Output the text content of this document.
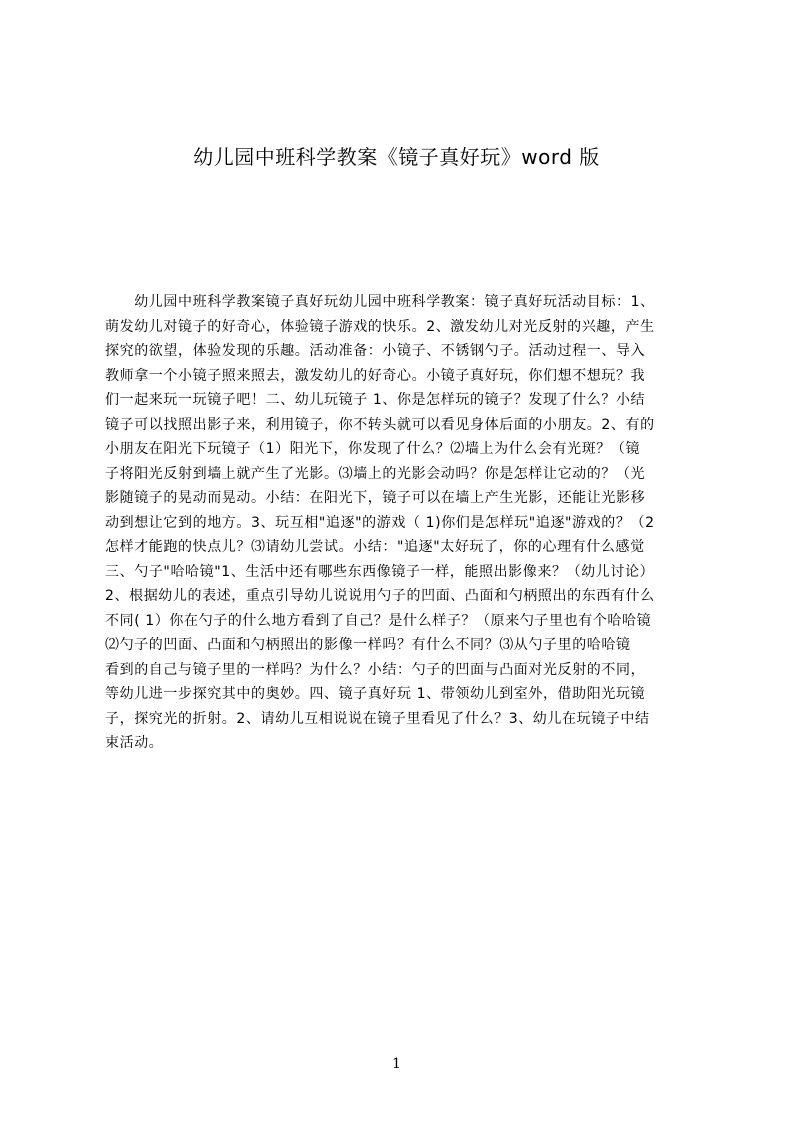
幼儿园中班科学教案《镜子真好玩》word 版
　　幼儿园中班科学教案镜子真好玩幼儿园中班科学教案：镜子真好玩活动目标：1、
萌发幼儿对镜子的好奇心，体验镜子游戏的快乐。2、激发幼儿对光反射的兴趣，产生
探究的欲望，体验发现的乐趣。活动准备：小镜子、不锈钢勺子。活动过程一、导入
教师拿一个小镜子照来照去，激发幼儿的好奇心。小镜子真好玩，你们想不想玩？我
们一起来玩一玩镜子吧！二、幼儿玩镜子 1、你是怎样玩的镜子？发现了什么？小结
镜子可以找照出影子来，利用镜子，你不转头就可以看见身体后面的小朋友。2、有的
小朋友在阳光下玩镜子（1）阳光下，你发现了什么？⑵墙上为什么会有光斑？（镜
子将阳光反射到墙上就产生了光影。⑶墙上的光影会动吗？你是怎样让它动的？（光
影随镜子的晃动而晃动。小结：在阳光下，镜子可以在墙上产生光影，还能让光影移
动到想让它到的地方。3、玩互相"追逐"的游戏（ 1)你们是怎样玩"追逐"游戏的？（2
怎样才能跑的快点儿？⑶请幼儿尝试。小结："追逐"太好玩了，你的心理有什么感觉
三、勺子"哈哈镜"1、生活中还有哪些东西像镜子一样，能照出影像来？（幼儿讨论）
2、根据幼儿的表述，重点引导幼儿说说用勺子的凹面、凸面和勺柄照出的东西有什么
不同( 1）你在勺子的什么地方看到了自己？是什么样子？（原来勺子里也有个哈哈镜
⑵勺子的凹面、凸面和勺柄照出的影像一样吗？有什么不同？⑶从勺子里的哈哈镜
看到的自己与镜子里的一样吗？为什么？小结：勺子的凹面与凸面对光反射的不同，
等幼儿进一步探究其中的奥妙。四、镜子真好玩 1、带领幼儿到室外，借助阳光玩镜
子，探究光的折射。2、请幼儿互相说说在镜子里看见了什么？3、幼儿在玩镜子中结
束活动。
1
